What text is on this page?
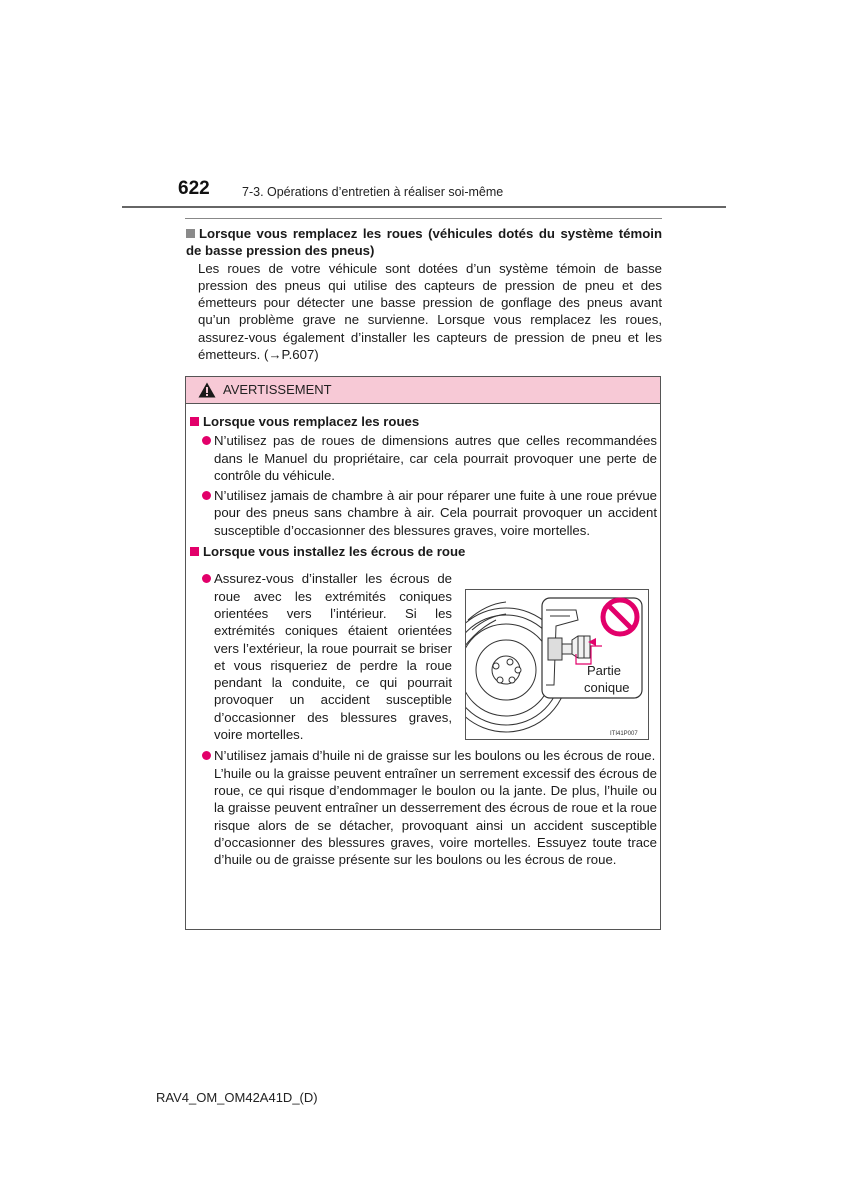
622	7-3. Opérations d’entretien à réaliser soi-même
Lorsque vous remplacez les roues (véhicules dotés du système témoin de basse pression des pneus)
Les roues de votre véhicule sont dotées d’un système témoin de basse pression des pneus qui utilise des capteurs de pression de pneu et des émetteurs pour détecter une basse pression de gonflage des pneus avant qu’un problème grave ne survienne. Lorsque vous remplacez les roues, assurez-vous également d’installer les capteurs de pression de pneu et les émetteurs. (→P.607)
AVERTISSEMENT
Lorsque vous remplacez les roues
N’utilisez pas de roues de dimensions autres que celles recommandées dans le Manuel du propriétaire, car cela pourrait provoquer une perte de contrôle du véhicule.
N’utilisez jamais de chambre à air pour réparer une fuite à une roue prévue pour des pneus sans chambre à air. Cela pourrait provoquer un accident susceptible d’occasionner des blessures graves, voire mortelles.
Lorsque vous installez les écrous de roue
Assurez-vous d’installer les écrous de roue avec les extrémités coniques orientées vers l’intérieur. Si les extrémités coniques étaient orientées vers l’extérieur, la roue pourrait se briser et vous risqueriez de perdre la roue pendant la conduite, ce qui pourrait provoquer un accident susceptible d’occasionner des blessures graves, voire mortelles.
N’utilisez jamais d’huile ni de graisse sur les boulons ou les écrous de roue.
L’huile ou la graisse peuvent entraîner un serrement excessif des écrous de roue, ce qui risque d’endommager le boulon ou la jante. De plus, l’huile ou la graisse peuvent entraîner un desserrement des écrous de roue et la roue risque alors de se détacher, provoquant ainsi un accident susceptible d’occasionner des blessures graves, voire mortelles. Essuyez toute trace d’huile ou de graisse présente sur les boulons ou les écrous de roue.
Partie
conique
ITI41P007
RAV4_OM_OM42A41D_(D)
